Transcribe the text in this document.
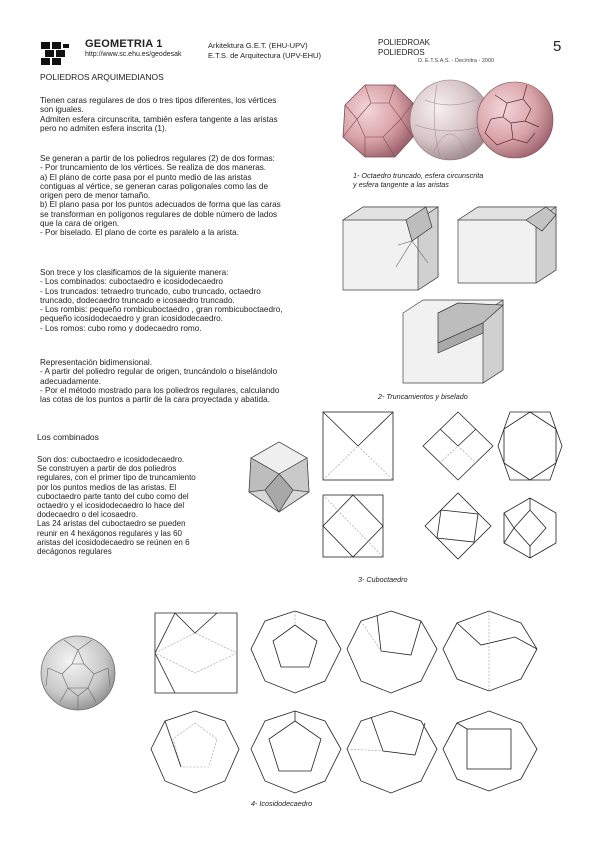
GEOMETRIA 1
http://www.sc.ehu.es/geodesak
Arkitektura G.E.T. (EHU-UPV)
E.T.S. de Arquitectura (UPV-EHU)
POLIEDROAK
POLIEDROS
D. E.T.S.A.S. - Dec/nitra - 2000
5
POLIEDROS ARQUIMEDIANOS

Tienen caras regulares de dos o tres tipos diferentes, los vértices

son iguales.

Admiten esfera circunscrita, también esfera tangente a las aristas

pero no admiten esfera inscrita (1).

Se generan a partir de los poliedros regulares (2) de dos formas:

- Por truncamiento de los vértices. Se realiza de dos maneras.

a) El plano de corte pasa por el punto medio de las aristas

contiguas al vértice, se generan caras poligonales como las de

origen pero de menor tamaño.

b) El plano pasa por los puntos adecuados de forma que las caras

se transforman en polígonos regulares de doble número de lados

que la cara de origen.

- Por biselado. El plano de corte es paralelo a la arista.

Son trece y los clasificamos de la siguiente manera:

- Los combinados: cuboctaedro e icosidodecaedro

- Los truncados: tetraedro truncado, cubo truncado, octaedro

truncado, dodecaedro truncado e icosaedro truncado.

- Los rombis: pequeño rombicuboctaedro , gran rombicuboctaedro,

pequeño icosidodecaedro y gran icosidodecaedro.

- Los romos: cubo romo y dodecaedro romo.

Representación bidimensional.

- A partir del poliedro regular de origen, truncándolo o biselándolo

adecuadamente.

- Por el método mostrado para los poliedros regulares, calculando

las cotas de los puntos a partir de la cara proyectada y abatida.

Los combinados

Son dos: cuboctaedro e icosidodecaedro.

Se construyen a partir de dos poliedros

regulares, con el primer tipo de truncamiento

por los puntos medios de las aristas. El

cuboctaedro parte tanto del cubo como del

octaedro y el icosidodecaedro lo hace del

dodecaedro o del icosaedro.

Las 24 aristas del cuboctaedro se pueden

reunir en 4 hexágonos regulares y las 60

aristas del icosidodecaedro se reúnen en 6

decágonos regulares

1- Octaedro truncado, esfera circunscrita

y esfera tangente a las aristas

2- Truncamientos y biselado

3- Cuboctaedro

4- Icosidodecaedro
